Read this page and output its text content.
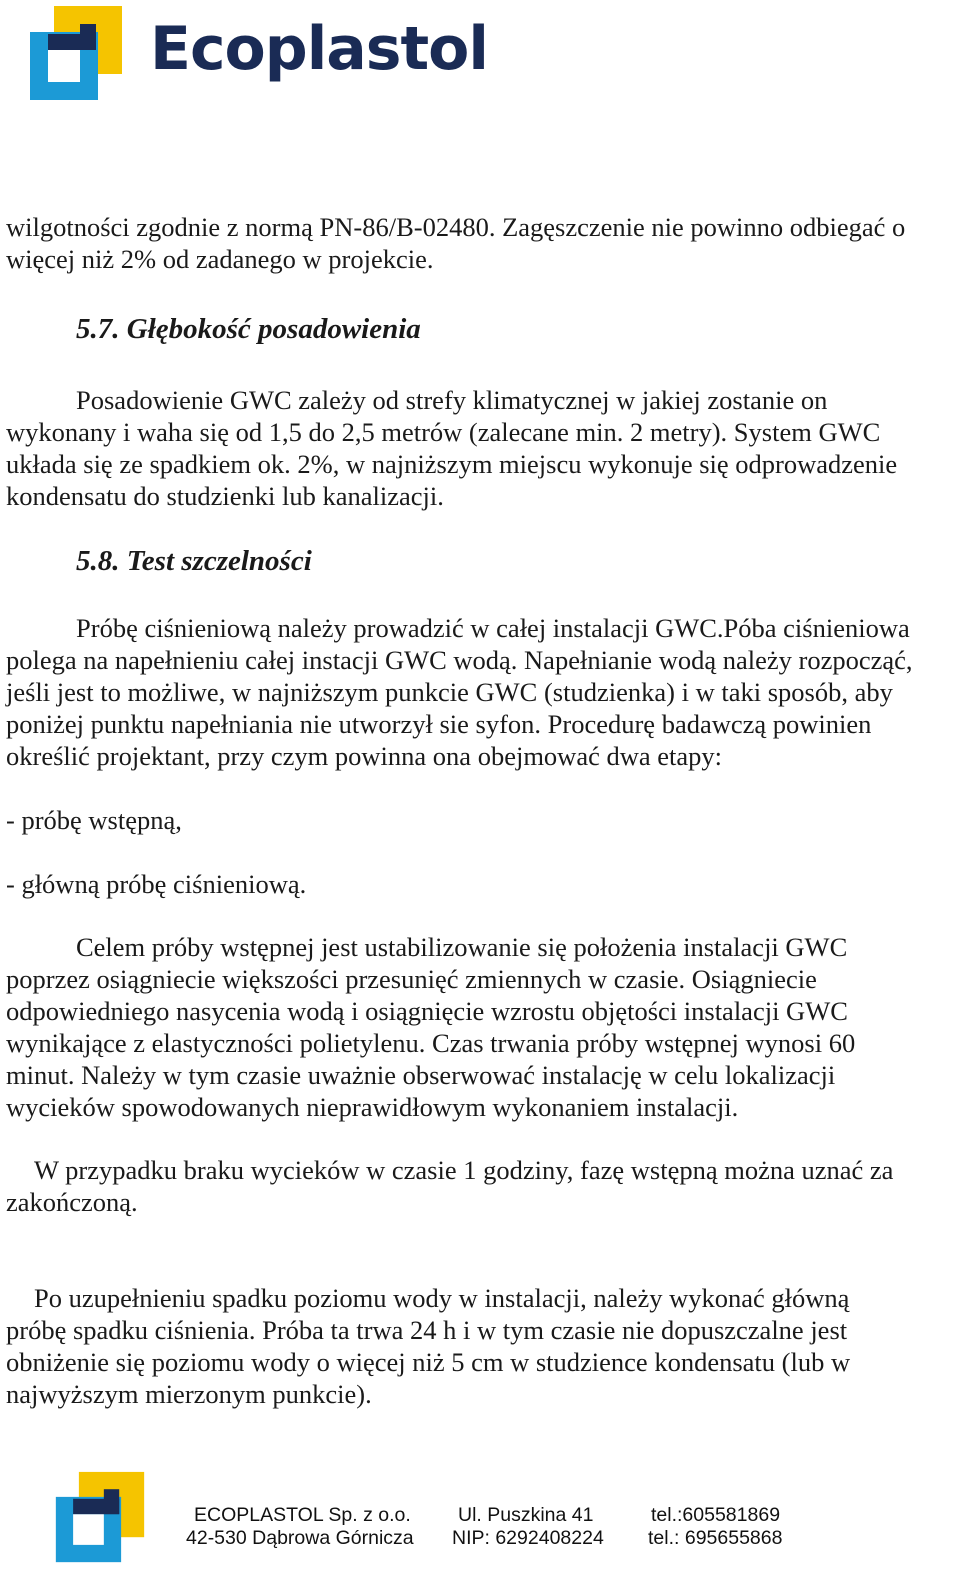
Ecoplastol
wilgotności zgodnie z normą PN-86/B-02480. Zagęszczenie nie powinno odbiegać o
więcej niż 2% od zadanego w projekcie.
5.7. Głębokość posadowienia
Posadowienie GWC zależy od strefy klimatycznej w jakiej zostanie on
wykonany i waha się od 1,5 do 2,5 metrów (zalecane min. 2 metry). System GWC
układa się ze spadkiem ok. 2%, w najniższym miejscu wykonuje się odprowadzenie
kondensatu do studzienki lub kanalizacji.
5.8. Test szczelności
Próbę ciśnieniową należy prowadzić w całej instalacji GWC.Póba ciśnieniowa
polega na napełnieniu całej instacji GWC wodą. Napełnianie wodą należy rozpocząć,
jeśli jest to możliwe, w najniższym punkcie GWC (studzienka) i w taki sposób, aby
poniżej punktu napełniania nie utworzył sie syfon. Procedurę badawczą powinien
określić projektant, przy czym powinna ona obejmować dwa etapy:
- próbę wstępną,
- główną próbę ciśnieniową.
Celem próby wstępnej jest ustabilizowanie się położenia instalacji GWC
poprzez osiągniecie większości przesunięć zmiennych w czasie. Osiągniecie
odpowiedniego nasycenia wodą i osiągnięcie wzrostu objętości instalacji GWC
wynikające z elastyczności polietylenu. Czas trwania próby wstępnej wynosi 60
minut. Należy w tym czasie uważnie obserwować instalację w celu lokalizacji
wycieków spowodowanych nieprawidłowym wykonaniem instalacji.
W przypadku braku wycieków w czasie 1 godziny, fazę wstępną można uznać za
zakończoną.
Po uzupełnieniu spadku poziomu wody w instalacji, należy wykonać główną
próbę spadku ciśnienia. Próba ta trwa 24 h i w tym czasie nie dopuszczalne jest
obniżenie się poziomu wody o więcej niż 5 cm w studzience kondensatu (lub w
najwyższym mierzonym punkcie).
ECOPLASTOL Sp. z o.o.
42-530 Dąbrowa Górnicza
Ul. Puszkina 41
NIP: 6292408224
tel.:605581869
tel.: 695655868
